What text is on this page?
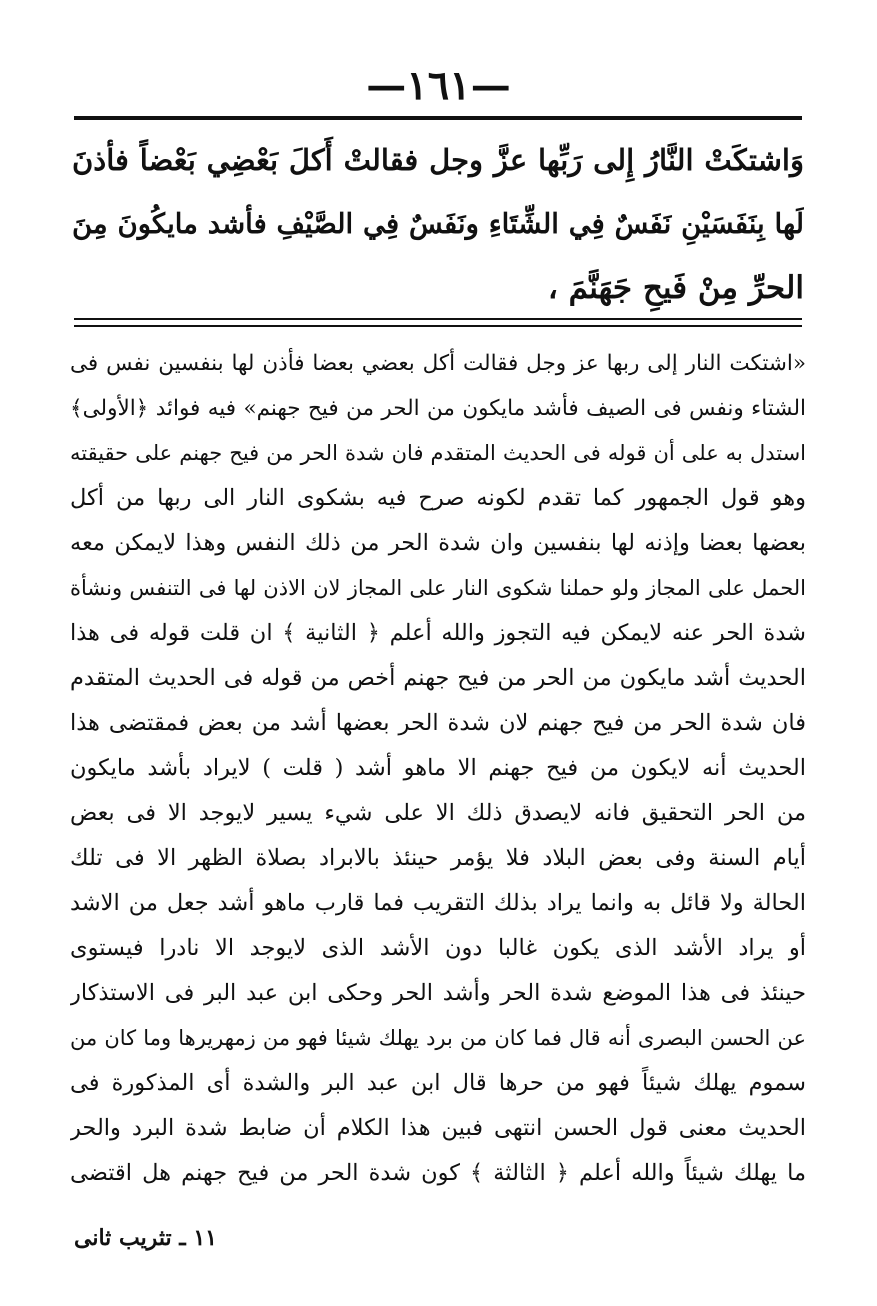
—١٦١—
وَاشتكَتْ النَّارُ إِلى رَبِّها عزَّ وجل فقالتْ أَكلَ بَعْضِي بَعْضاً فأذنَ
لَها بِنَفَسَيْنِ نَفَسٌ فِي الشِّتَاءِ ونَفَسٌ فِي الصَّيْفِ فأشد مايكُونَ مِنَ
الحرِّ مِنْ فَيحِ جَهَنَّمَ ،
«اشتكت النار إلى ربها عز وجل فقالت أكل بعضي بعضا فأذن لها بنفسين نفس فى
الشتاء ونفس فى الصيف فأشد مايكون من الحر من فيح جهنم» فيه فوائد ﴿الأولى﴾
استدل به على أن قوله فى الحديث المتقدم فان شدة الحر من فيح جهنم على حقيقته
وهو قول الجمهور كما تقدم لكونه صرح فيه بشكوى النار الى ربها من أكل
بعضها بعضا وإذنه لها بنفسين وان شدة الحر من ذلك النفس وهذا لايمكن معه
الحمل على المجاز ولو حملنا شكوى النار على المجاز لان الاذن لها فى التنفس ونشأة
شدة الحر عنه لايمكن فيه التجوز والله أعلم ﴿ الثانية ﴾ ان قلت قوله فى هذا
الحديث أشد مايكون من الحر من فيح جهنم أخص من قوله فى الحديث المتقدم
فان شدة الحر من فيح جهنم لان شدة الحر بعضها أشد من بعض فمقتضى هذا
الحديث أنه لايكون من فيح جهنم الا ماهو أشد ( قلت ) لايراد بأشد مايكون
من الحر التحقيق فانه لايصدق ذلك الا على شيء يسير لايوجد الا فى بعض
أيام السنة وفى بعض البلاد فلا يؤمر حينئذ بالابراد بصلاة الظهر الا فى تلك
الحالة ولا قائل به وانما يراد بذلك التقريب فما قارب ماهو أشد جعل من الاشد
أو يراد الأشد الذى يكون غالبا دون الأشد الذى لايوجد الا نادرا فيستوى
حينئذ فى هذا الموضع شدة الحر وأشد الحر وحكى ابن عبد البر فى الاستذكار
عن الحسن البصرى أنه قال فما كان من برد يهلك شيئا فهو من زمهريرها وما كان من
سموم يهلك شيئاً فهو من حرها قال ابن عبد البر والشدة أى المذكورة فى
الحديث معنى قول الحسن انتهى فبين هذا الكلام أن ضابط شدة البرد والحر
ما يهلك شيئاً والله أعلم ﴿ الثالثة ﴾ كون شدة الحر من فيح جهنم هل اقتضى
١١ ـ تثريب ثانى
